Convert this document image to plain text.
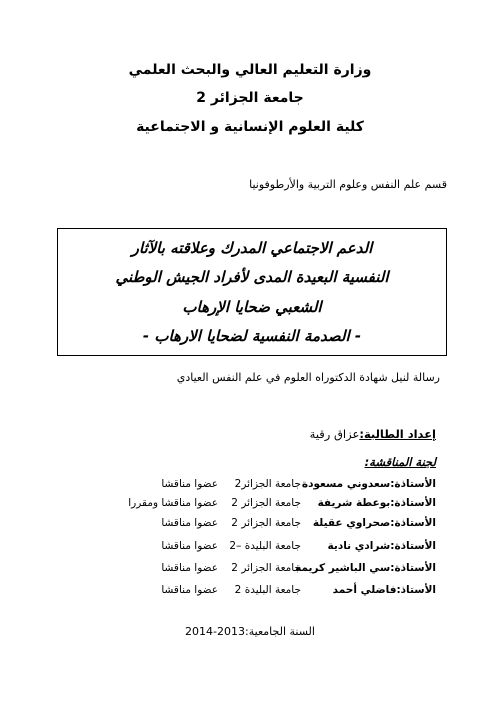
وزارة التعليم العالي والبحث العلمي
جامعة الجزائر 2
كلية العلوم الإنسانية و الاجتماعية
قسم علم النفس وعلوم التربية والأرطوفونيا
الدعم الاجتماعي المدرك وعلاقته بالآثار
النفسية البعيدة المدى لأفراد الجيش الوطني
الشعبي ضحايا الإرهاب
- الصدمة النفسية لضحايا الارهاب -
رسالة لنيل شهادة الدكتوراه العلوم في علم النفس العيادي
إعداد الطالبة:عزاق رقية
لجنة المناقشة:
الأستاذة:سعدوني مسعودة
جامعة الجزائر2
عضوا مناقشا
الأستاذة:بوعطة شريفة
جامعة الجزائر 2
عضوا مناقشا ومقررا
الأستاذة:صحراوي عقيلة
جامعة الجزائر 2
عضوا مناقشا
الأستاذة:شرادي نادية
جامعة البليدة –2
عضوا مناقشا
الأستاذة:سي الباشير كريمة
جامعة الجزائر 2
عضوا مناقشا
الأستاذ:فاضلي أحمد
جامعة البليدة 2
عضوا مناقشا
السنة الجامعية:2013-2014
